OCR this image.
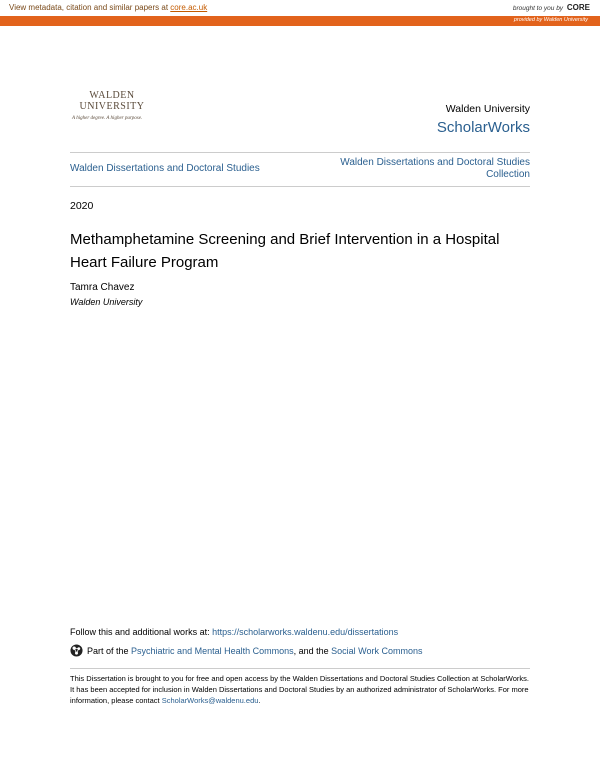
View metadata, citation and similar papers at core.ac.uk	brought to you by CORE
provided by Walden University
WALDEN
UNIVERSITY
A higher degree. A higher purpose.
Walden University
ScholarWorks
Walden Dissertations and Doctoral Studies
Walden Dissertations and Doctoral Studies Collection
2020
Methamphetamine Screening and Brief Intervention in a Hospital Heart Failure Program
Tamra Chavez
Walden University
Follow this and additional works at: https://scholarworks.waldenu.edu/dissertations
Part of the
Psychiatric and Mental Health Commons , and the
Social Work Commons
This Dissertation is brought to you for free and open access by the Walden Dissertations and Doctoral Studies Collection at ScholarWorks. It has been accepted for inclusion in Walden Dissertations and Doctoral Studies by an authorized administrator of ScholarWorks. For more information, please contact ScholarWorks@waldenu.edu.
